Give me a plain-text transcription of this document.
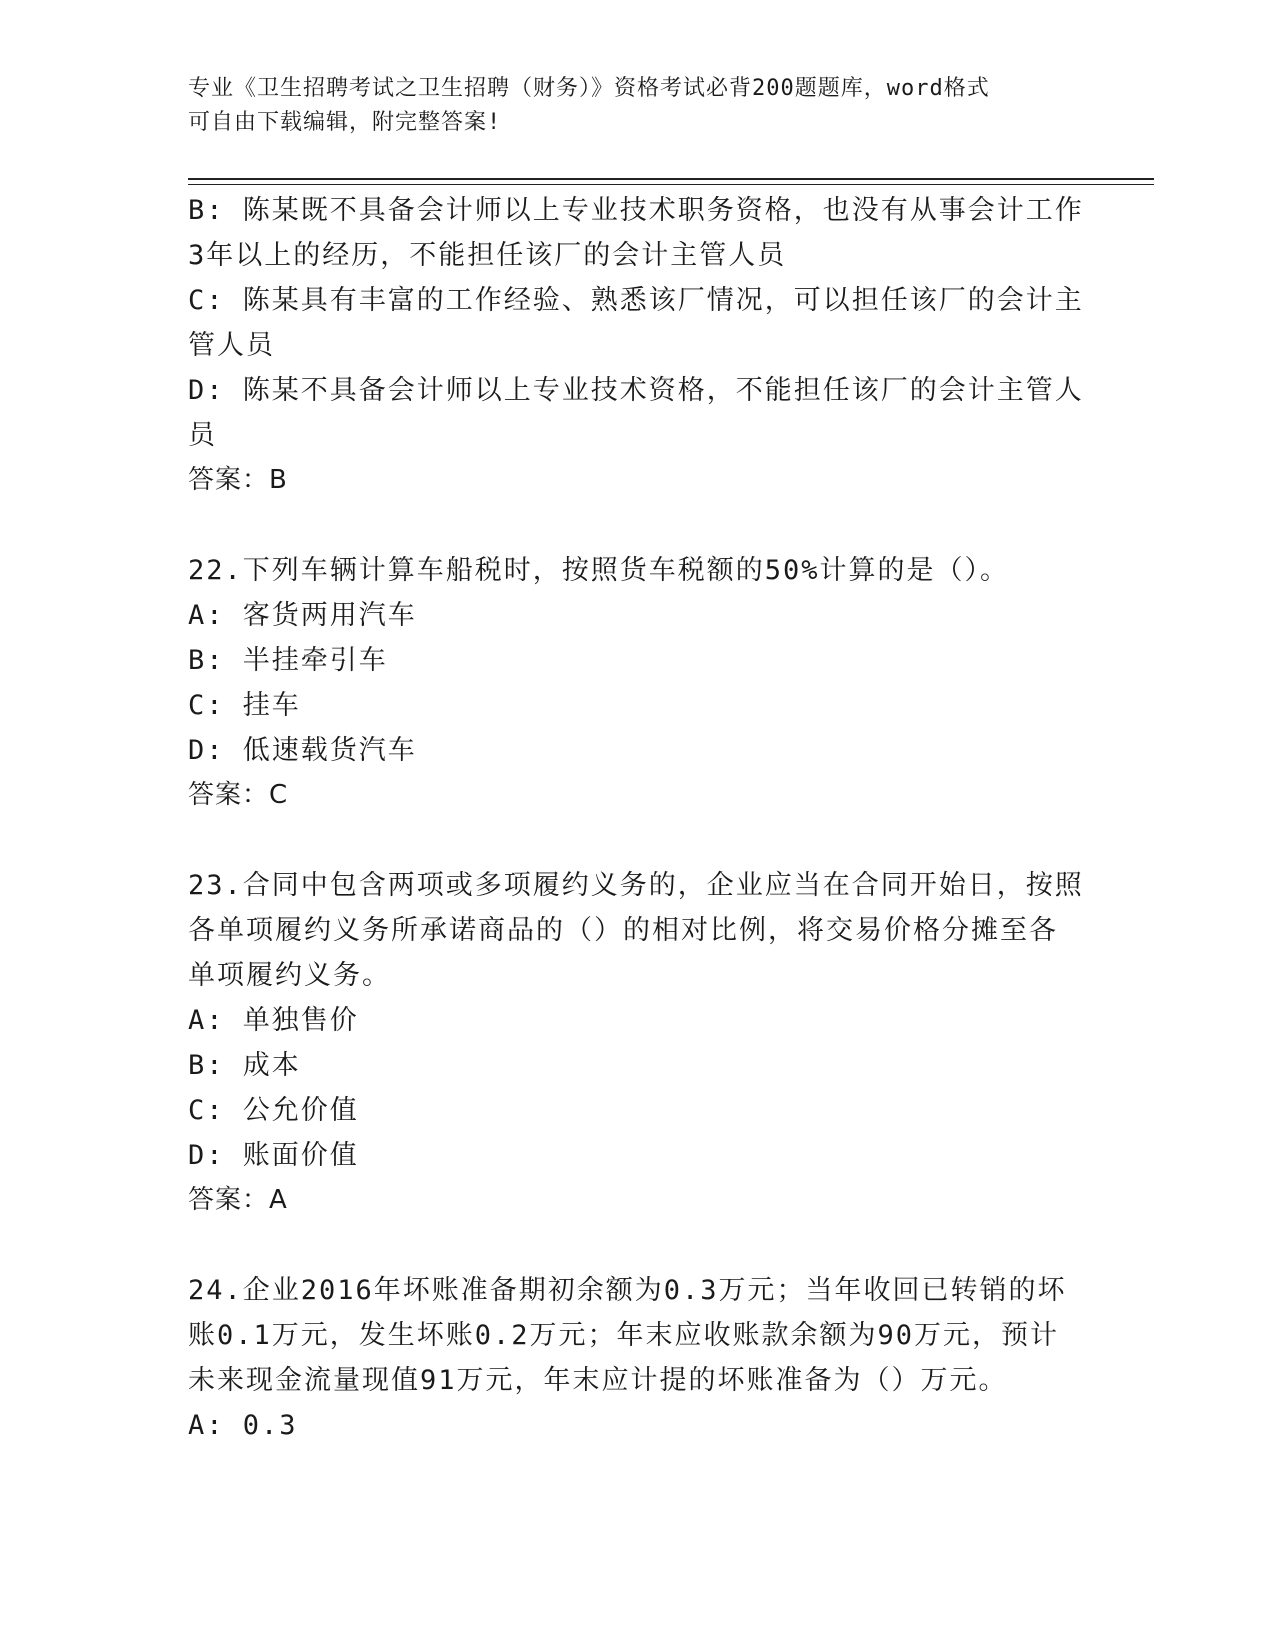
专业《卫生招聘考试之卫生招聘（财务）》资格考试必背200题题库，word格式
可自由下载编辑，附完整答案!
B: 陈某既不具备会计师以上专业技术职务资格，也没有从事会计工作
3年以上的经历，不能担任该厂的会计主管人员
C: 陈某具有丰富的工作经验、熟悉该厂情况，可以担任该厂的会计主
管人员
D: 陈某不具备会计师以上专业技术资格，不能担任该厂的会计主管人
员
答案：B
22.下列车辆计算车船税时，按照货车税额的50%计算的是（）。
A: 客货两用汽车
B: 半挂牵引车
C: 挂车
D: 低速载货汽车
答案：C
23.合同中包含两项或多项履约义务的，企业应当在合同开始日，按照
各单项履约义务所承诺商品的（）的相对比例，将交易价格分摊至各
单项履约义务。
A: 单独售价
B: 成本
C: 公允价值
D: 账面价值
答案：A
24.企业2016年坏账准备期初余额为0.3万元；当年收回已转销的坏
账0.1万元，发生坏账0.2万元；年末应收账款余额为90万元，预计
未来现金流量现值91万元，年末应计提的坏账准备为（）万元。
A: 0.3
